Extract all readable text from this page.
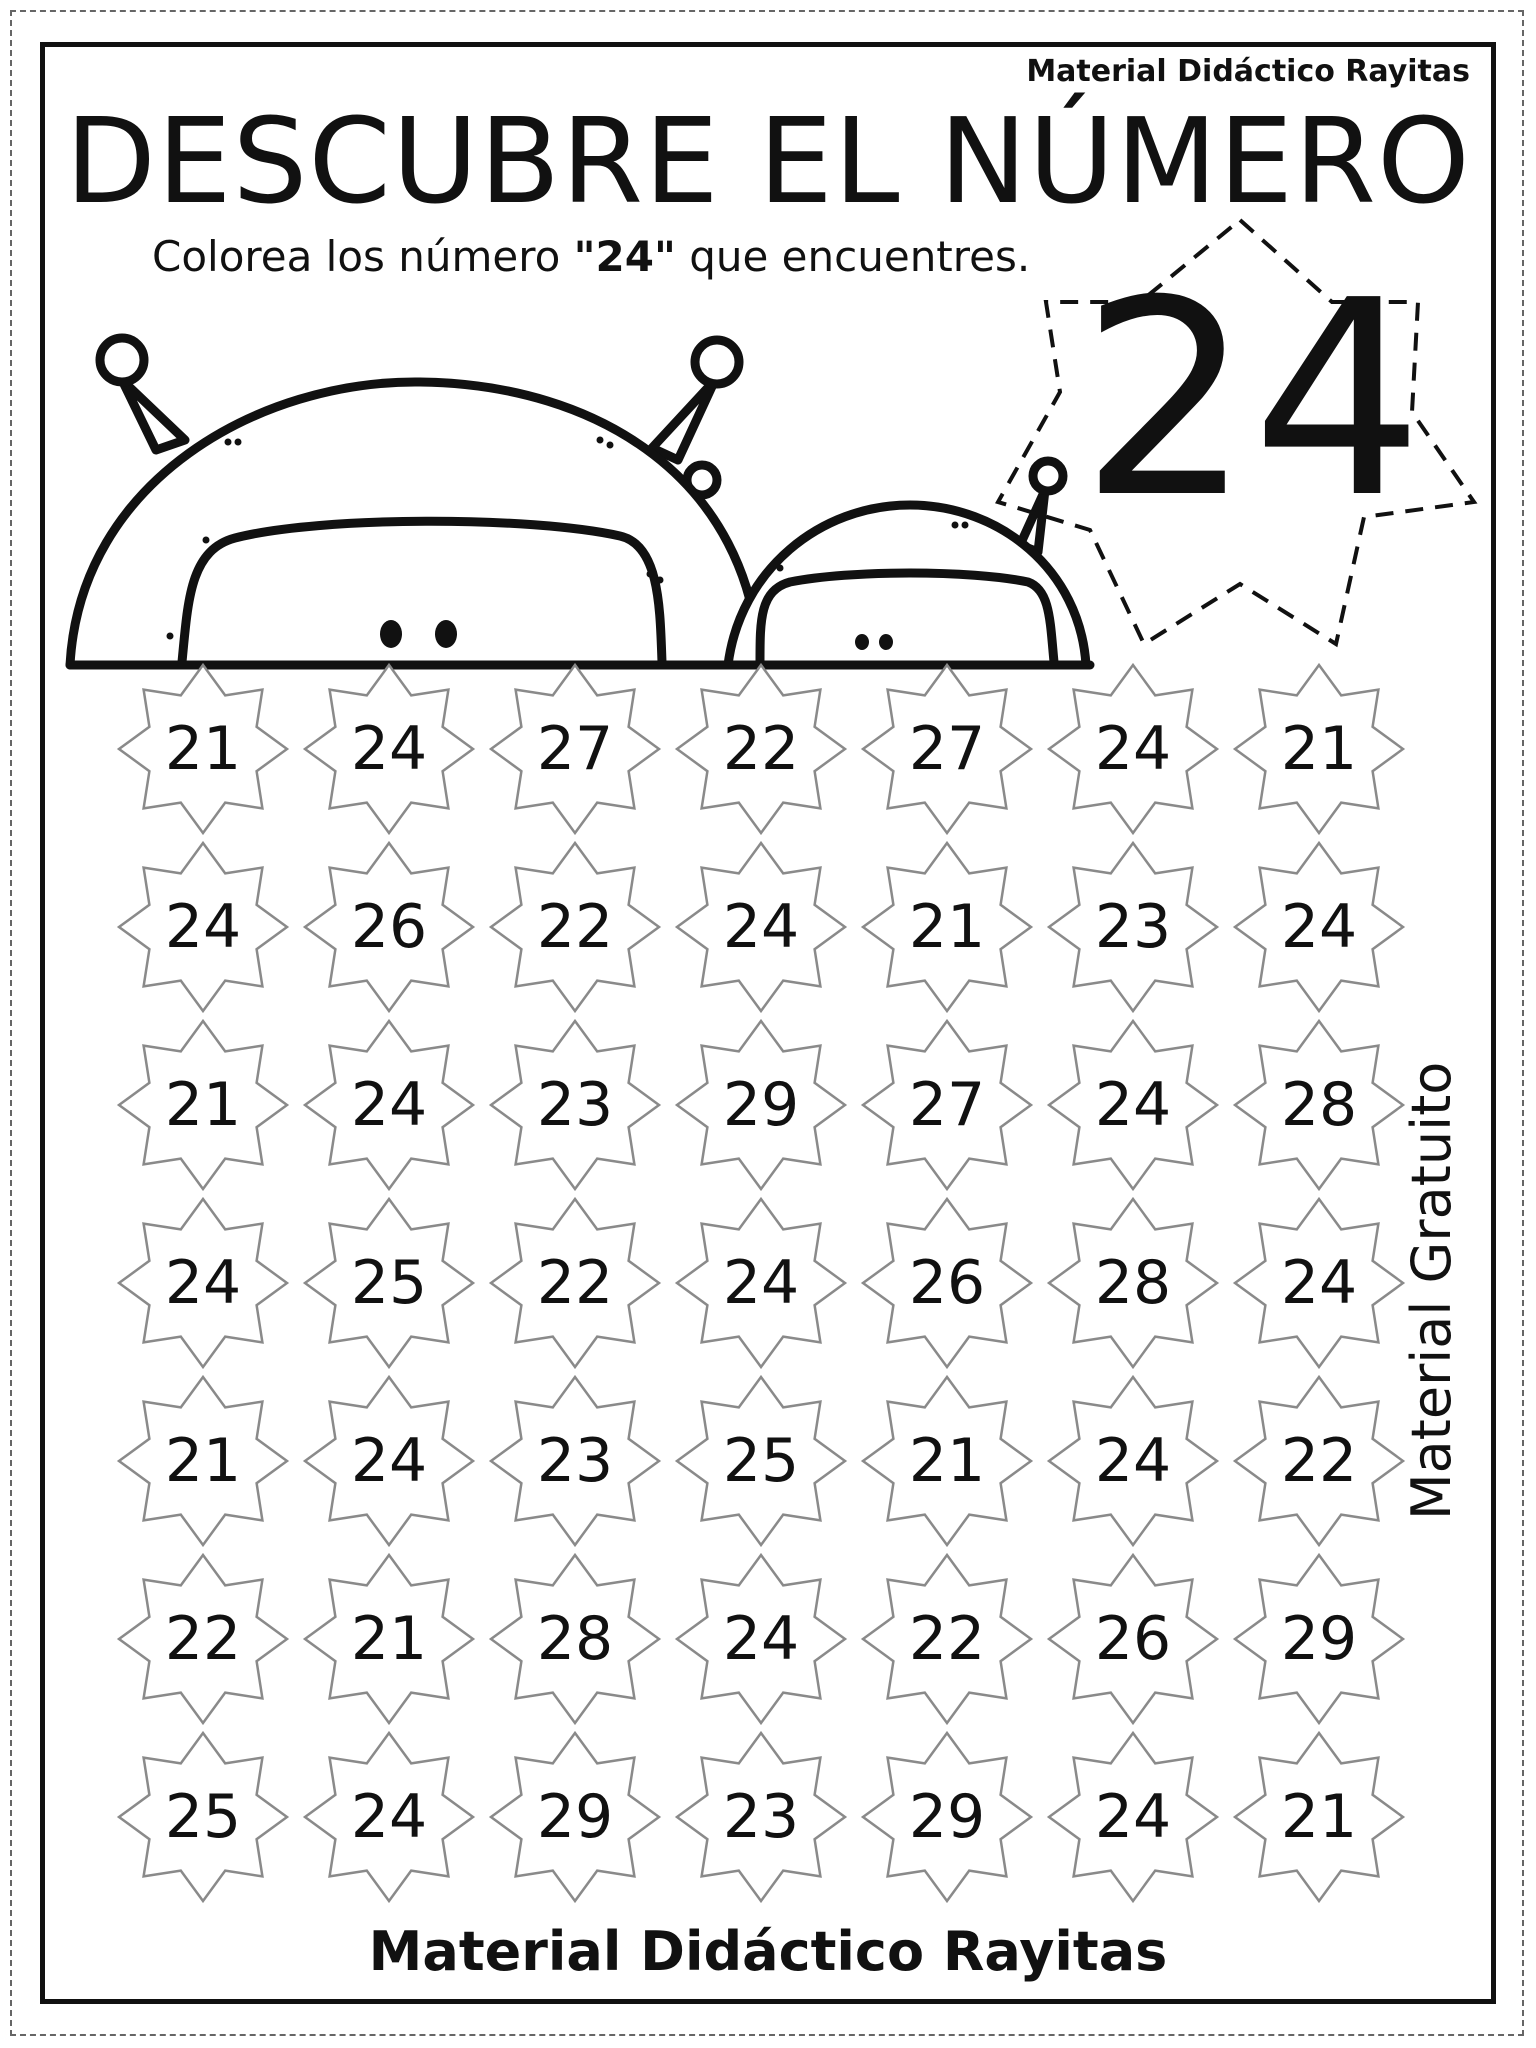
Material Didáctico Rayitas
DESCUBRE EL NÚMERO
Colorea los número "24" que encuentres. 24
21	24	27	22	27	24	21
24	26	22	24	21	23	24
21	24	23	29	27	24	28
24	25	22	24	26	28	24
21	24	23	25	21	24	22
22	21	28	24	22	26	29
25	24	29	23	29	24	21
Material Gratuito
Material Didáctico Rayitas
